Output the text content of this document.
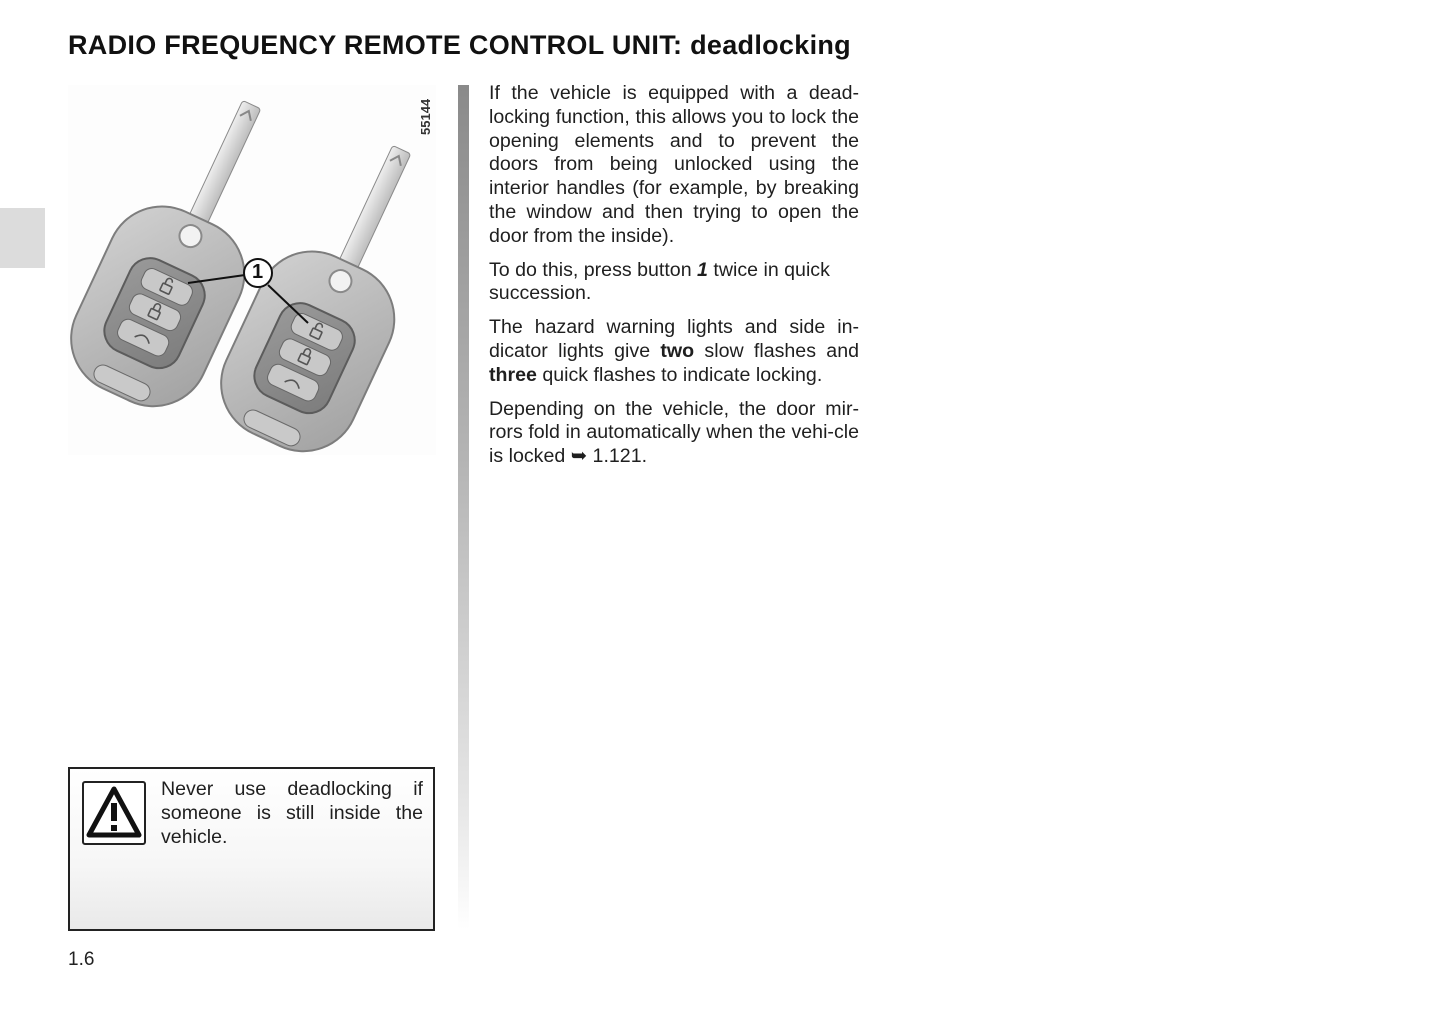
RADIO FREQUENCY REMOTE CONTROL UNIT: deadlocking
1
55144

If the vehicle is equipped with a dead-locking function, this allows you to lock the opening elements and to prevent the doors from being unlocked using the interior handles (for example, by breaking the window and then trying to open the door from the inside).

To do this, press button 1 twice in quick succession.

The hazard warning lights and side in-dicator lights give two slow flashes and three quick flashes to indicate locking.

Depending on the vehicle, the door mir-rors fold in automatically when the vehi-cle is locked ➥ 1.121.

Never use deadlocking if someone is still inside the vehicle.
1.6
